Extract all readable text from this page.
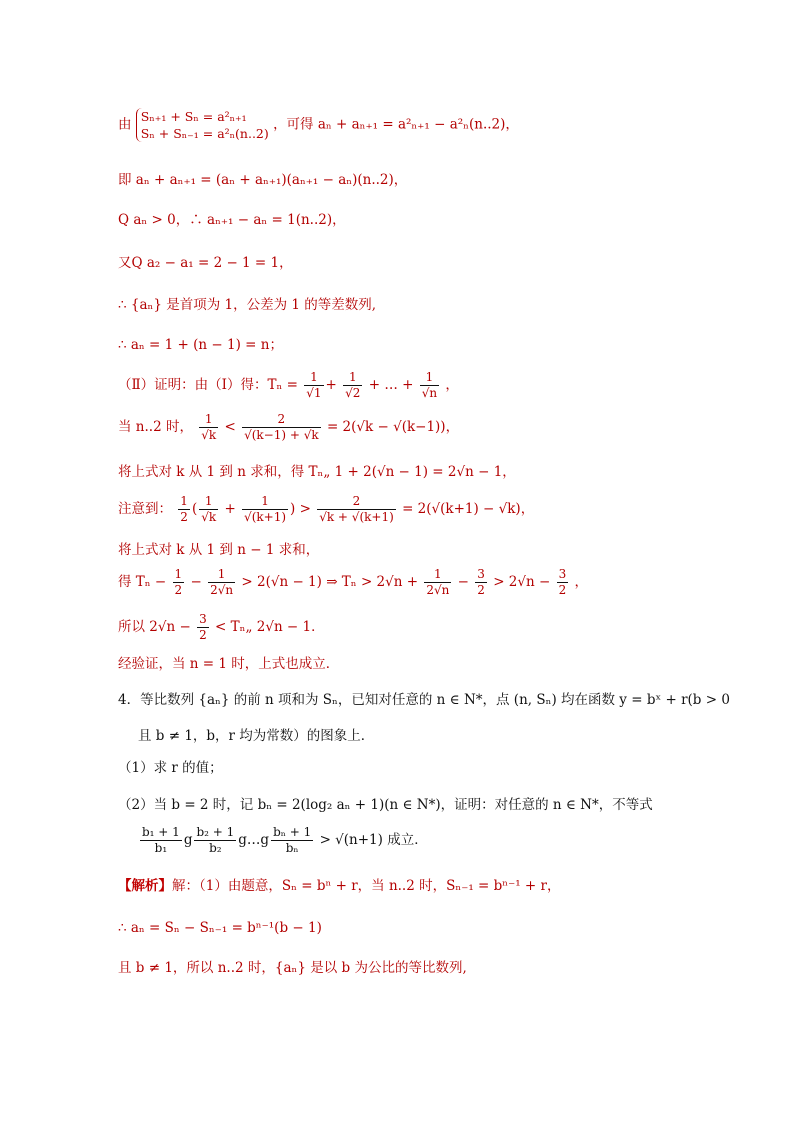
由 Sₙ₊₁ + Sₙ = a²ₙ₊₁
Sₙ + Sₙ₋₁ = a²ₙ(n..2)
，可得 aₙ + aₙ₊₁ = a²ₙ₊₁ − a²ₙ(n..2)，
即 aₙ + aₙ₊₁ = (aₙ + aₙ₊₁)(aₙ₊₁ − aₙ)(n..2)，
Q aₙ > 0，∴ aₙ₊₁ − aₙ = 1(n..2)，
又Q a₂ − a₁ = 2 − 1 = 1，
∴ {aₙ} 是首项为 1，公差为 1 的等差数列,
∴ aₙ = 1 + (n − 1) = n；
（Ⅱ）证明：由（Ⅰ）得：$T_n = \frac{1}{√1} + \frac{1}{√2}$ + … + $\frac{1}{√n}$ ，
当 n..2 时， $\frac{1}{√k} < \frac{2}{√(k-1) + √k} = 2(√k - √(k-1))$，
将上式对 k 从 1 到 n 求和，得 Tₙ„ 1 + 2(√n − 1) = 2√n − 1，
注意到： $\frac{1}{2}$ ( $\frac{1}{√k} + \frac{1}{√(k+1)}$ ) > $\frac{2}{√k + √(k+1)} = 2(√(k+1) - √k)$，
将上式对 k 从 1 到 n − 1 求和，
得 $T_n - \frac{1}{2} - \frac{1}{2√n} > 2(√n - 1)$ ⇒ $T_n > 2√n + \frac{1}{2√n} - \frac{3}{2} > 2√n - \frac{3}{2}$ ，
所以 $2√n - \frac{3}{2}$ < Tₙ„ 2√n − 1．
经验证，当 n = 1 时，上式也成立．
4．等比数列 {aₙ} 的前 n 项和为 Sₙ，已知对任意的 n ∈ N*，点 (n, Sₙ) 均在函数 y = bˣ + r(b > 0
且 b ≠ 1，b，r 均为常数）的图象上．
（1）求 r 的值；
（2）当 b = 2 时，记 bₙ = 2(log₂ aₙ + 1)(n ∈ N*)，证明：对任意的 n ∈ N*，不等式
$\frac{\text{b₁ + 1}}{\text{b₁}}$ g $\frac{\text{b₂ + 1}}{\text{b₂}}$ g…g $\frac{\text{bₙ + 1}}{\text{bₙ}} > √(n+1)$ 成立．
【解析】解：（1）由题意，Sₙ = bⁿ + r，当 n..2 时，Sₙ₋₁ = bⁿ⁻¹ + r，
∴ aₙ = Sₙ − Sₙ₋₁ = bⁿ⁻¹(b − 1)
且 b ≠ 1，所以 n..2 时，{aₙ} 是以 b 为公比的等比数列,
